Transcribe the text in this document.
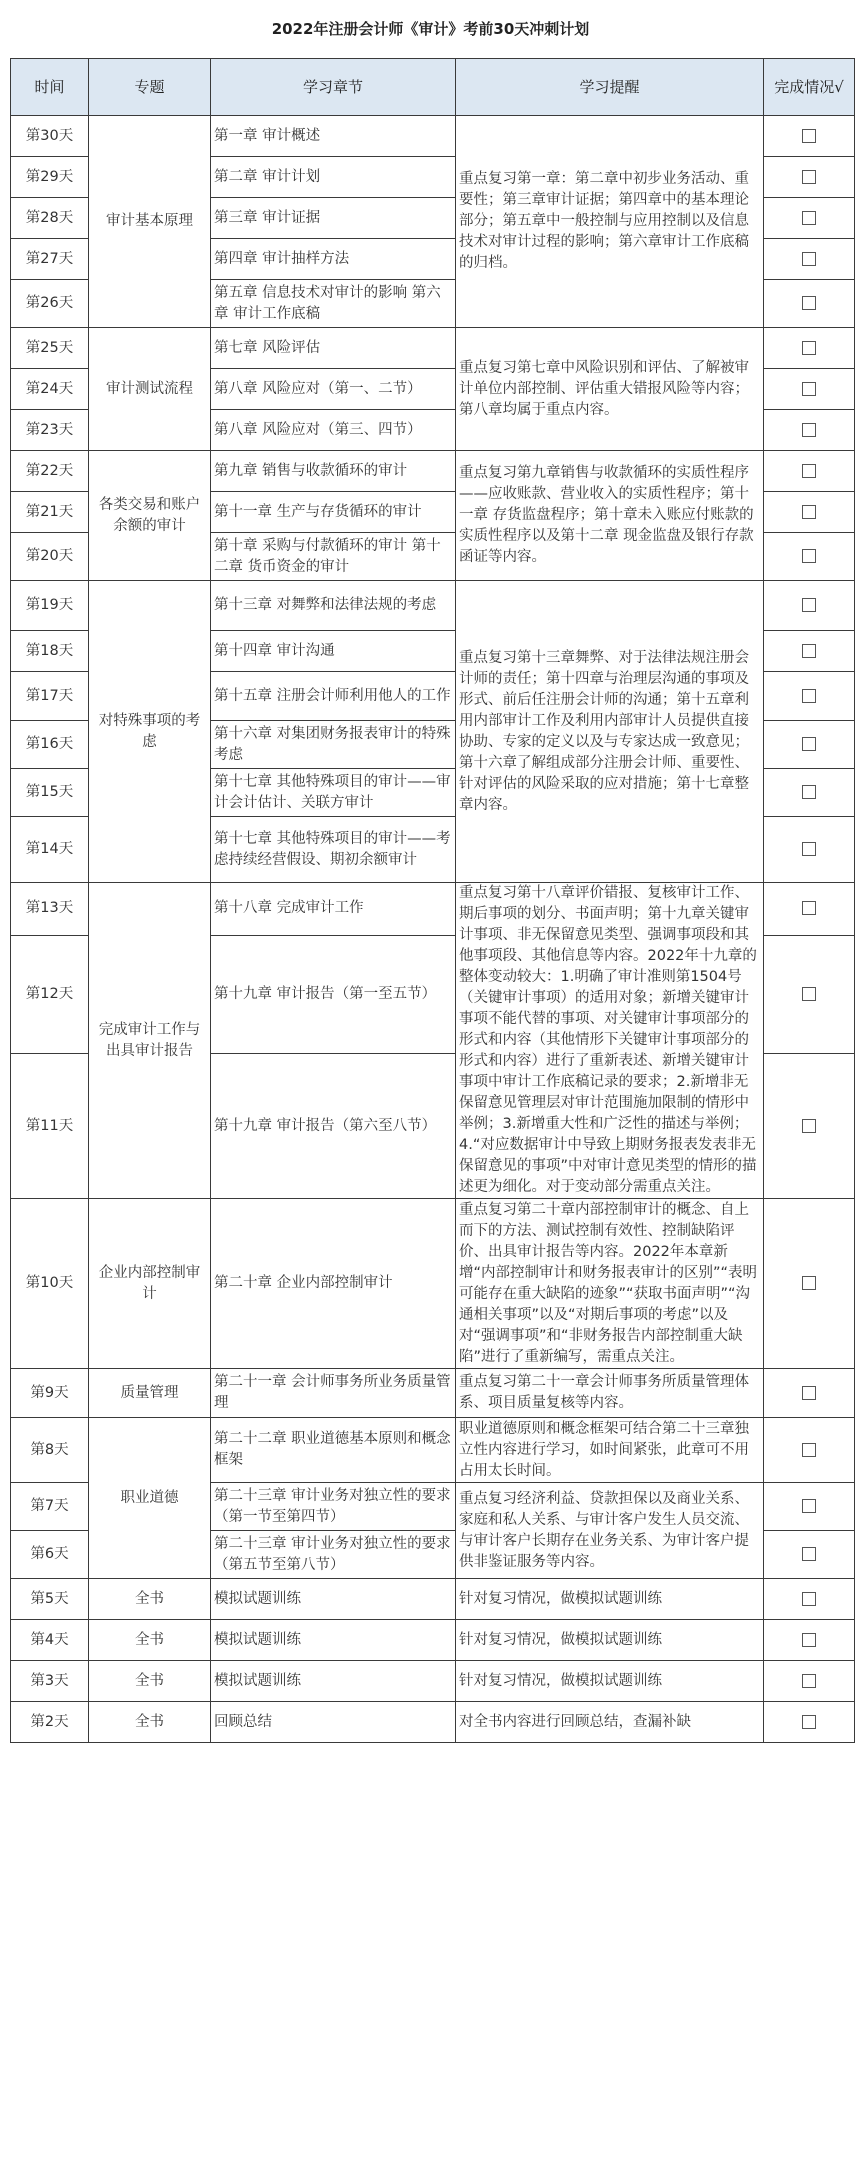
2022年注册会计师《审计》考前30天冲刺计划
时间	专题	学习章节	学习提醒	完成情况√
第30天	审计基本原理	第一章 审计概述	重点复习第一章：第二章中初步业务活动、重要性；第三章审计证据；第四章中的基本理论部分；第五章中一般控制与应用控制以及信息技术对审计过程的影响；第六章审计工作底稿的归档。	
第29天		第二章 审计计划		
第28天		第三章 审计证据		
第27天		第四章 审计抽样方法		
第26天		第五章 信息技术对审计的影响 第六章 审计工作底稿		
第25天	审计测试流程	第七章 风险评估	重点复习第七章中风险识别和评估、了解被审计单位内部控制、评估重大错报风险等内容；第八章均属于重点内容。	
第24天		第八章 风险应对（第一、二节）		
第23天		第八章 风险应对（第三、四节）		
第22天	各类交易和账户余额的审计	第九章 销售与收款循环的审计	重点复习第九章销售与收款循环的实质性程序——应收账款、营业收入的实质性程序；第十一章 存货监盘程序；第十章未入账应付账款的实质性程序以及第十二章 现金监盘及银行存款函证等内容。	
第21天		第十一章 生产与存货循环的审计		
第20天		第十章 采购与付款循环的审计 第十二章 货币资金的审计		
第19天	对特殊事项的考虑	第十三章 对舞弊和法律法规的考虑	重点复习第十三章舞弊、对于法律法规注册会计师的责任；第十四章与治理层沟通的事项及形式、前后任注册会计师的沟通；第十五章利用内部审计工作及利用内部审计人员提供直接协助、专家的定义以及与专家达成一致意见；第十六章了解组成部分注册会计师、重要性、针对评估的风险采取的应对措施；第十七章整章内容。	
第18天		第十四章 审计沟通		
第17天		第十五章 注册会计师利用他人的工作		
第16天		第十六章 对集团财务报表审计的特殊考虑		
第15天		第十七章 其他特殊项目的审计——审计会计估计、关联方审计		
第14天		第十七章 其他特殊项目的审计——考虑持续经营假设、期初余额审计		
第13天	完成审计工作与出具审计报告	第十八章 完成审计工作	重点复习第十八章评价错报、复核审计工作、期后事项的划分、书面声明；第十九章关键审计事项、非无保留意见类型、强调事项段和其他事项段、其他信息等内容。2022年十九章的整体变动较大：1.明确了审计准则第1504号（关键审计事项）的适用对象；新增关键审计事项不能代替的事项、对关键审计事项部分的形式和内容（其他情形下关键审计事项部分的形式和内容）进行了重新表述、新增关键审计事项中审计工作底稿记录的要求；2.新增非无保留意见管理层对审计范围施加限制的情形中举例；3.新增重大性和广泛性的描述与举例；4.“对应数据审计中导致上期财务报表发表非无保留意见的事项”中对审计意见类型的情形的描述更为细化。对于变动部分需重点关注。	
第12天		第十九章 审计报告（第一至五节）		
第11天		第十九章 审计报告（第六至八节）		
第10天	企业内部控制审计	第二十章 企业内部控制审计	重点复习第二十章内部控制审计的概念、自上而下的方法、测试控制有效性、控制缺陷评价、出具审计报告等内容。2022年本章新增“内部控制审计和财务报表审计的区别”“表明可能存在重大缺陷的迹象”“获取书面声明”“沟通相关事项”以及“对期后事项的考虑”以及对“强调事项”和“非财务报告内部控制重大缺陷”进行了重新编写，需重点关注。	
第9天	质量管理	第二十一章 会计师事务所业务质量管理	重点复习第二十一章会计师事务所质量管理体系、项目质量复核等内容。	
第8天	职业道德	第二十二章 职业道德基本原则和概念框架	职业道德原则和概念框架可结合第二十三章独立性内容进行学习，如时间紧张，此章可不用占用太长时间。	
第7天		第二十三章 审计业务对独立性的要求（第一节至第四节）	重点复习经济利益、贷款担保以及商业关系、家庭和私人关系、与审计客户发生人员交流、与审计客户长期存在业务关系、为审计客户提供非鉴证服务等内容。	
第6天		第二十三章 审计业务对独立性的要求（第五节至第八节）		
第5天	全书	模拟试题训练	针对复习情况，做模拟试题训练	
第4天	全书	模拟试题训练	针对复习情况，做模拟试题训练	
第3天	全书	模拟试题训练	针对复习情况，做模拟试题训练	
第2天	全书	回顾总结	对全书内容进行回顾总结，查漏补缺	
